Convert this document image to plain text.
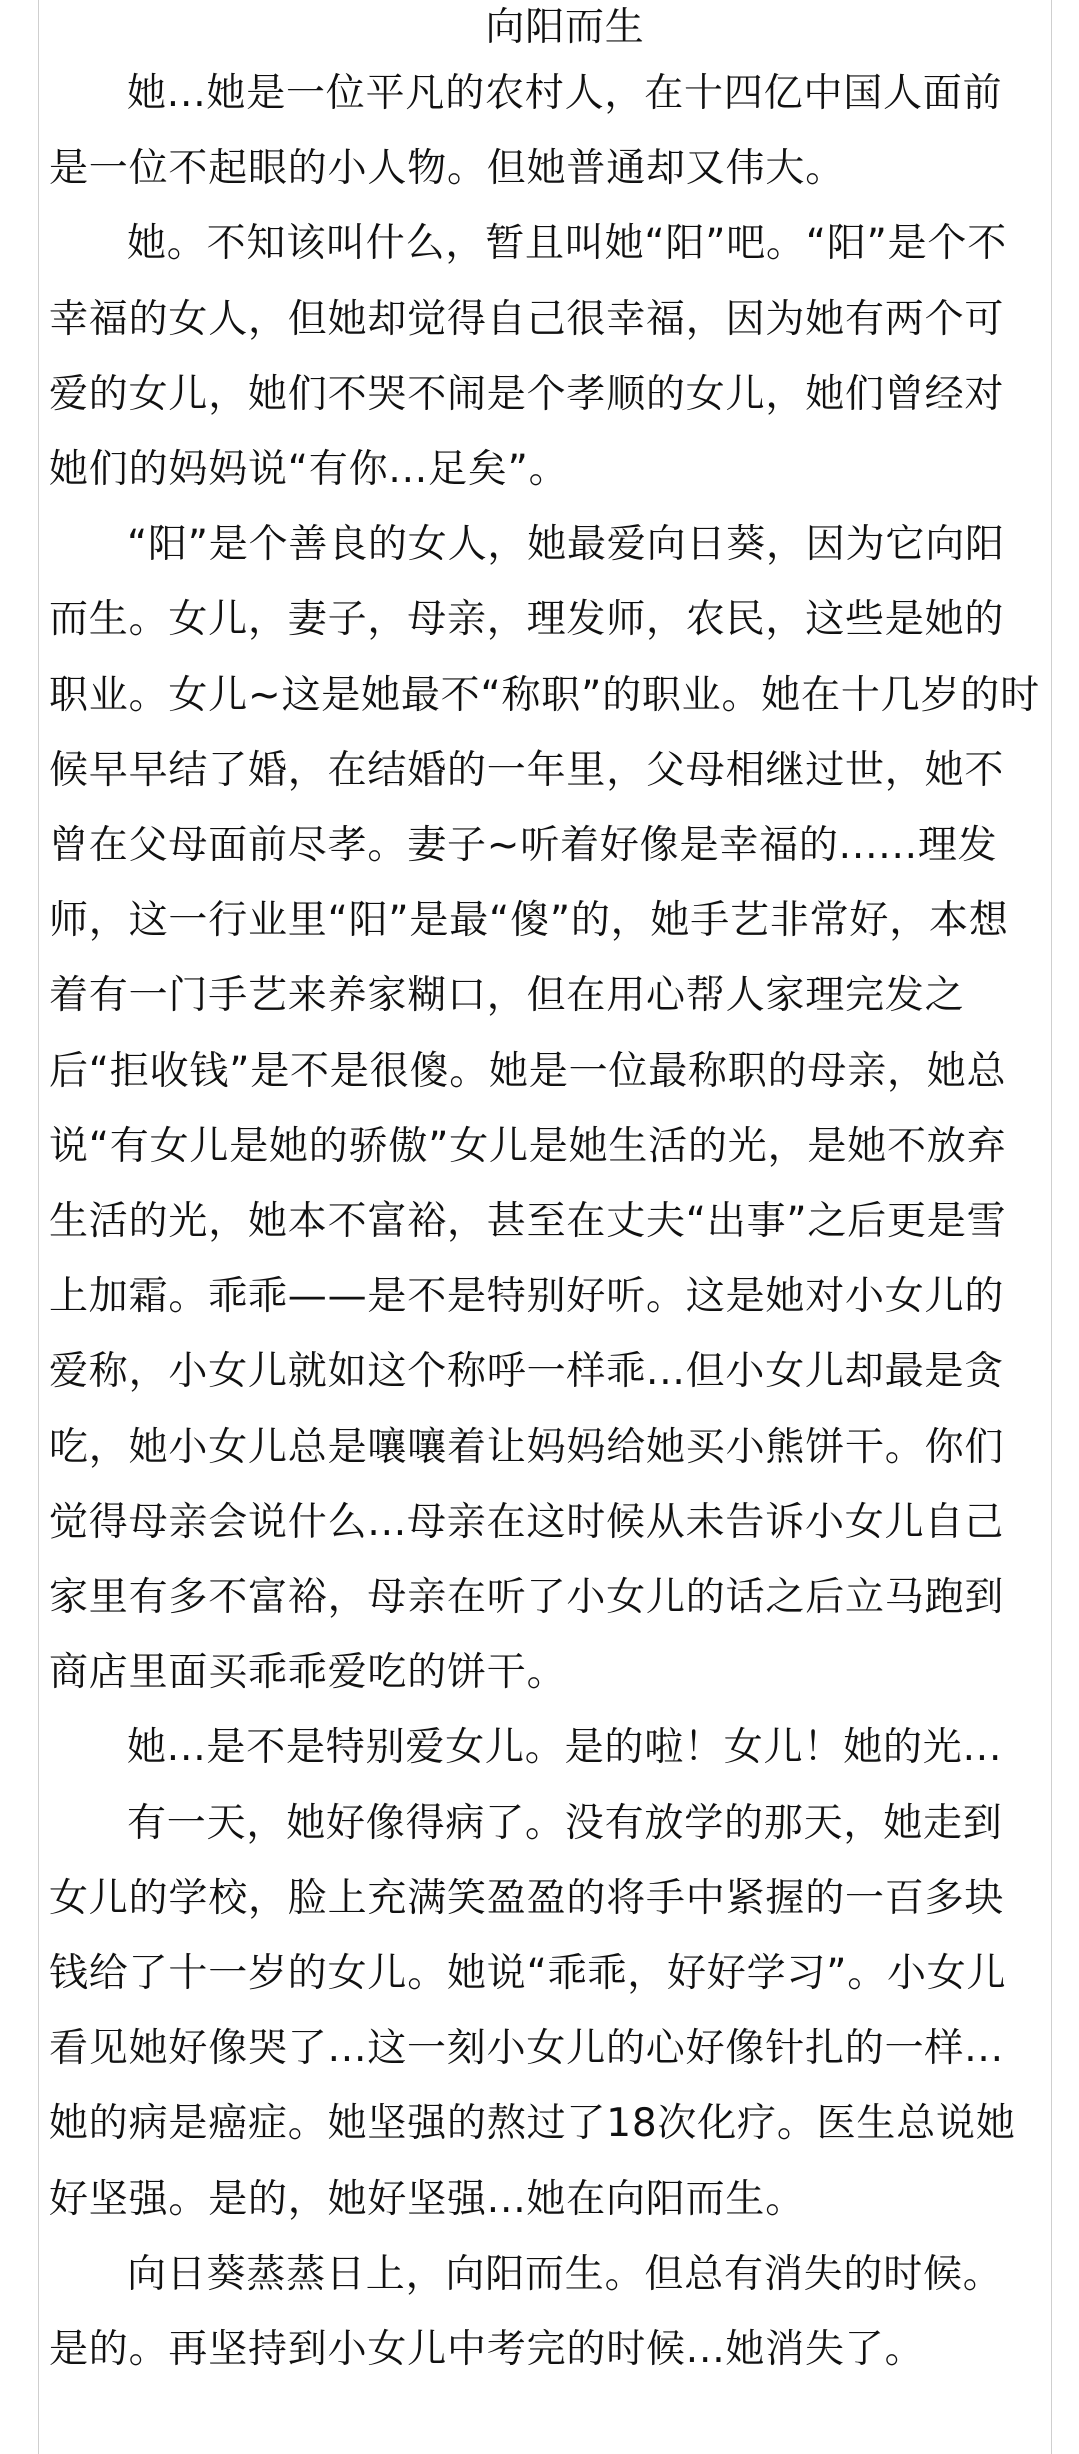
向阳而生

她...她是一位平凡的农村人，在十四亿中国人面前是一位不起眼的小人物。但她普通却又伟大。

她。不知该叫什么，暂且叫她“阳”吧。“阳”是个不幸福的女人，但她却觉得自己很幸福，因为她有两个可爱的女儿，她们不哭不闹是个孝顺的女儿，她们曾经对她们的妈妈说“有你...足矣”。

“阳”是个善良的女人，她最爱向日葵，因为它向阳而生。女儿，妻子，母亲，理发师，农民，这些是她的职业。女儿~这是她最不“称职”的职业。她在十几岁的时候早早结了婚，在结婚的一年里，父母相继过世，她不曾在父母面前尽孝。妻子~听着好像是幸福的......理发师，这一行业里“阳”是最“傻”的，她手艺非常好，本想着有一门手艺来养家糊口，但在用心帮人家理完发之后“拒收钱”是不是很傻。她是一位最称职的母亲，她总说“有女儿是她的骄傲”女儿是她生活的光，是她不放弃生活的光，她本不富裕，甚至在丈夫“出事”之后更是雪上加霜。乖乖——是不是特别好听。这是她对小女儿的爱称，小女儿就如这个称呼一样乖...但小女儿却最是贪吃，她小女儿总是嚷嚷着让妈妈给她买小熊饼干。你们觉得母亲会说什么...母亲在这时候从未告诉小女儿自己家里有多不富裕，母亲在听了小女儿的话之后立马跑到商店里面买乖乖爱吃的饼干。

她...是不是特别爱女儿。是的啦！女儿！她的光...

有一天，她好像得病了。没有放学的那天，她走到女儿的学校，脸上充满笑盈盈的将手中紧握的一百多块钱给了十一岁的女儿。她说“乖乖，好好学习”。小女儿看见她好像哭了...这一刻小女儿的心好像针扎的一样...她的病是癌症。她坚强的熬过了18次化疗。医生总说她好坚强。是的，她好坚强...她在向阳而生。

向日葵蒸蒸日上，向阳而生。但总有消失的时候。是的。再坚持到小女儿中考完的时候...她消失了。
